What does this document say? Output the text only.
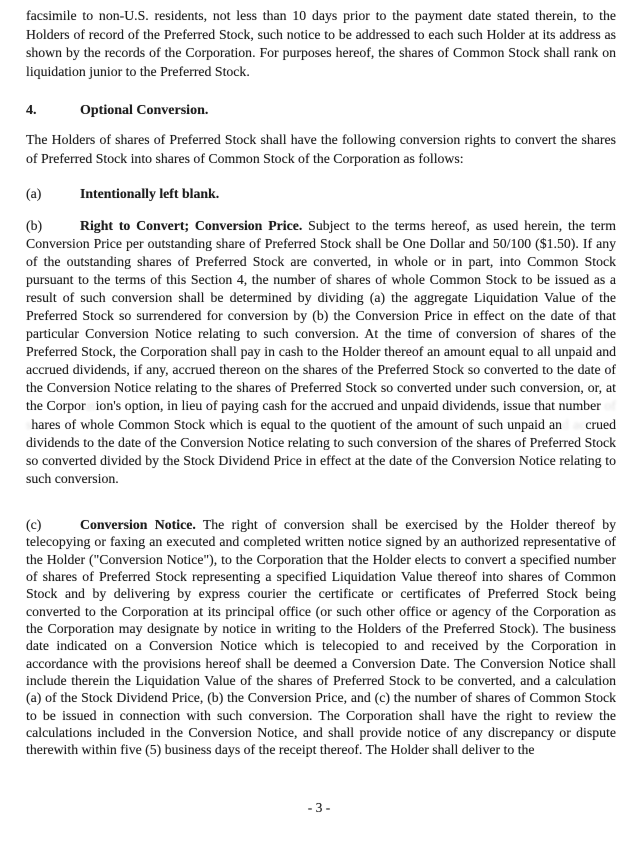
facsimile to non-U.S. residents, not less than 10 days prior to the payment date stated therein, to the Holders of record of the Preferred Stock, such notice to be addressed to each such Holder at its address as shown by the records of the Corporation. For purposes hereof, the shares of Common Stock shall rank on liquidation junior to the Preferred Stock.

4.	Optional Conversion.

The Holders of shares of Preferred Stock shall have the following conversion rights to convert the shares of Preferred Stock into shares of Common Stock of the Corporation as follows:

(a)	Intentionally left blank.

(b)	Right to Convert; Conversion Price. Subject to the terms hereof, as used herein, the term Conversion Price per outstanding share of Preferred Stock shall be One Dollar and 50/100 ($1.50). If any of the outstanding shares of Preferred Stock are converted, in whole or in part, into Common Stock pursuant to the terms of this Section 4, the number of shares of whole Common Stock to be issued as a result of such conversion shall be determined by dividing (a) the aggregate Liquidation Value of the Preferred Stock so surrendered for conversion by (b) the Conversion Price in effect on the date of that particular Conversion Notice relating to such conversion. At the time of conversion of shares of the Preferred Stock, the Corporation shall pay in cash to the Holder thereof an amount equal to all unpaid and accrued dividends, if any, accrued thereon on the shares of the Preferred Stock so converted to the date of the Conversion Notice relating to the shares of Preferred Stock so converted under such conversion, or, at the Corporation's option, in lieu of paying cash for the accrued and unpaid dividends, issue that number of shares of whole Common Stock which is equal to the quotient of the amount of such unpaid and accrued dividends to the date of the Conversion Notice relating to such conversion of the shares of Preferred Stock so converted divided by the Stock Dividend Price in effect at the date of the Conversion Notice relating to such conversion.

(c)	Conversion Notice. The right of conversion shall be exercised by the Holder thereof by telecopying or faxing an executed and completed written notice signed by an authorized representative of the Holder ("Conversion Notice"), to the Corporation that the Holder elects to convert a specified number of shares of Preferred Stock representing a specified Liquidation Value thereof into shares of Common Stock and by delivering by express courier the certificate or certificates of Preferred Stock being converted to the Corporation at its principal office (or such other office or agency of the Corporation as the Corporation may designate by notice in writing to the Holders of the Preferred Stock). The business date indicated on a Conversion Notice which is telecopied to and received by the Corporation in accordance with the provisions hereof shall be deemed a Conversion Date. The Conversion Notice shall include therein the Liquidation Value of the shares of Preferred Stock to be converted, and a calculation (a) of the Stock Dividend Price, (b) the Conversion Price, and (c) the number of shares of Common Stock to be issued in connection with such conversion. The Corporation shall have the right to review the calculations included in the Conversion Notice, and shall provide notice of any discrepancy or dispute therewith within five (5) business days of the receipt thereof. The Holder shall deliver to the

- 3 -
